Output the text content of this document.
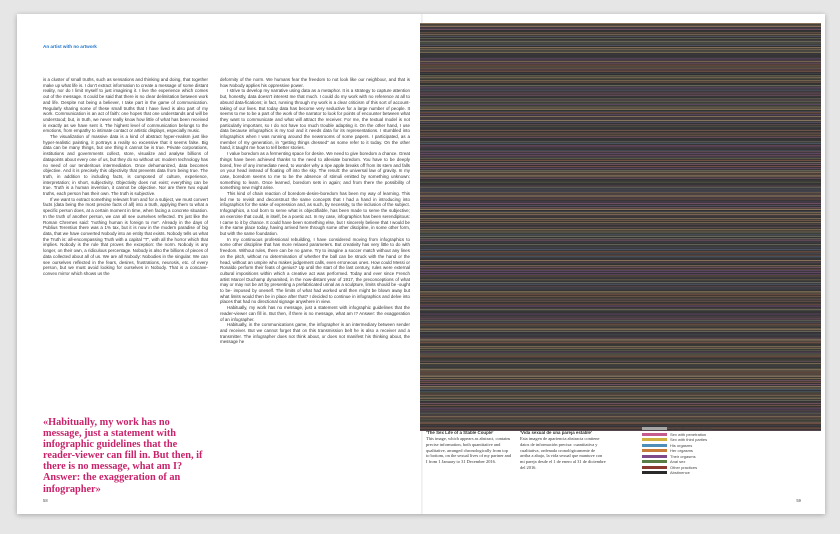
An artist with no artwork

is a cluster of small truths, such as sensations and thinking and doing, that together make up what life is. I don't extract information to create a message of some distant reality, nor do I limit myself to just imagining it. I live the experience which comes out of the message. It could be said that there is no clear delimitation between work and life. Despite not being a believer, I take part in the game of communication. Regularly sharing some of these small truths that I have lived is also part of my work. Communication is an act of faith: one hopes that one understands and will be understood; but, in truth, we never really know how little of what has been received is exactly as we have sent it. The highest level of communication belongs to the emotions, from empathy to intimate contact or artistic displays, especially music.

The visualization of massive data is a kind of abstract hyper-realism just like hyper-realistic painting, it portrays a reality so excessive that it seems false. Big data can be many things, but one thing it cannot be is true. Private corporations, institutions and governments collect, store, visualize and analyse billions of datapoints about every one of us, but they do so without us: modern technology has no need of our tenderitous intermediation. Once dehumanized, data becomes objective. And it is precisely this objectivity that prevents data from being true. The truth, in addition to including facts, is composed of culture, experience, interpretation; in short, subjectivity. Objectivity does not exist; everything can be true. Truth is a human invention, it cannot be objective. Nor are there two equal truths, each person has their own. The truth is subjective.

If we want to extract something relevant from and for a subject, we must convert facts (data being the most precise facts of all) into a truth, applying them to what a specific person does, at a certain moment in time, when facing a concrete situation. In the truth of another person, we can all see ourselves reflected. It's just like the Roman Chremes said: "nothing human is foreign to me". Already in the days of Publius Terentius there was a 1% tax, but it is now in the modern paradise of big data, that we have converted Nobody into an entity that exists. Nobody tells us what the Truth is: all-encompassing Truth with a capital "T", with all the horror which that implies. Nobody is the rule that proves the exception: the norm. Nobody is any longer, on their own, a ridiculous percentage. Nobody is also the billions of pieces of data collected about all of us. We are all Nobody: Nobodies in the singular. We can see ourselves reflected in the fears, desires, frustrations, neurosis, etc. of every person, but we must avoid looking for ourselves in Nobody. That is a concave-convex mirror which shows us the

deformity of the norm. We humans fear the freedom to not look like our neighbour, and that is how Nobody applies his oppressive power.

I strive to develop my narrative using data as a metaphor. It is a strategy to capture attention but, honestly, data doesn't interest me that much. I could do my work with no reference at all to absurd data-fications; in fact, running through my work is a clear criticism of this sort of account-taking of our lives. But today data has become very seductive for a large number of people. It seems to me to be a part of the work of the narrator to look for points of encounter between what they want to communicate and what will attract the receiver. For me, the textual model is not particularly important, so I do not have too much trouble adapting it. On the other hand, I use data because infographics is my tool and it needs data for its representations. I stumbled into infographics when I was running around the newsrooms of some papers. I participated, as a member of my generation, in "getting things dressed" as some refer to it today. On the other hand, it taught me how to tell better stories.

I value boredom as a fermenting space for desire. We need to give boredom a chance. Great things have been achieved thanks to the need to alleviate boredom. You have to be deeply bored, free of any immediate need, to wonder why a ripe apple breaks off from its stem and falls on your head instead of floating off into the sky. The result: the universal law of gravity. In my case, boredom seems to me to be the absence of stimuli emitted by something unknown: something to learn. Once learned, boredom sets in again; and from there the possibility of something new might arise.

This kind of chain reaction of boredom-desire-boredom has been my way of learning. This led me to revisit and deconstruct the same concepts that I had a hand in introducing into infographics for the sake of expression and, as such, by necessity, to the inclusion of the subject. Infographics, a tool born to serve what is objectifiable, has been made to serve the subjective; an exercise that could, in itself, be a poetic act. In my case, infographics has been serendipitous: I came to it by chance. It could have been something else, but I sincerely believe that I would be in the same place today, having arrived here through some other discipline, in some other form, but with the same foundation.

In my continuous professional rebuilding, I have considered moving from infographics to some other discipline that has more relaxed parameters. But creativity has very little to do with freedom. Without rules, there can be no game. Try to imagine a soccer match without any lines on the pitch, without no determination of whether the ball can be struck with the hand or the head, without an umpire who makes judgement calls, even erroneous ones. How could Messi or Ronaldo perform their feats of genius? Up until the start of the last century, rules were external cultural impositions within which a creative act was performed. Today and ever since French artist Marcel Duchamp dynamited, in the now-distant year of 1917, the preconceptions of what may or may not be art by presenting a prefabricated urinal as a sculpture, limits should be -ought to be- imposed by oneself. The limits of what had worked until then might be blown away but what limits would then be in place after that? I decided to continue in infographics and delve into places that had no directional signage anywhere in view.

Habitually, my work has no message, just a statement with infographic guidelines that the reader-viewer can fill in. But then, if there is no message, what am I? Answer: the exaggeration of an infographer.

Habitually, in the communications game, the infographer is an intermediary between sender and receiver. But we cannot forget that on this transmission belt he is also a receiver and a transmitter. The infographer does not think about, or does not manifest his thinking about, the message he

«Habitually, my work has no message, just a statement with infographic guidelines that the reader-viewer can fill in. But then, if there is no message, what am I? Answer: the exaggeration of an infographer»
58	59
'The Sex Life of a Stable Couple'
This image, which appears as abstract, contains precise information, both quantitative and qualitative, arranged chronologically from top to bottom, on the sexual lives of my partner and I from 1 January to 31 December 2016.
'Vida sexual de una pareja estable'
Esta imagen de apariencia abstracta contiene datos de información precisa: cuantitativa y cualitativa, ordenada cronológicamente de arriba a abajo, la vida sexual que mantuve con mi pareja desde el 1 de enero al 31 de diciembre del 2016.
Sex without penetration
Sex with penetration
Sex with third parties
His orgasms
Her orgasms
Their orgasms
Anal sex
Other practices
Abstinence
